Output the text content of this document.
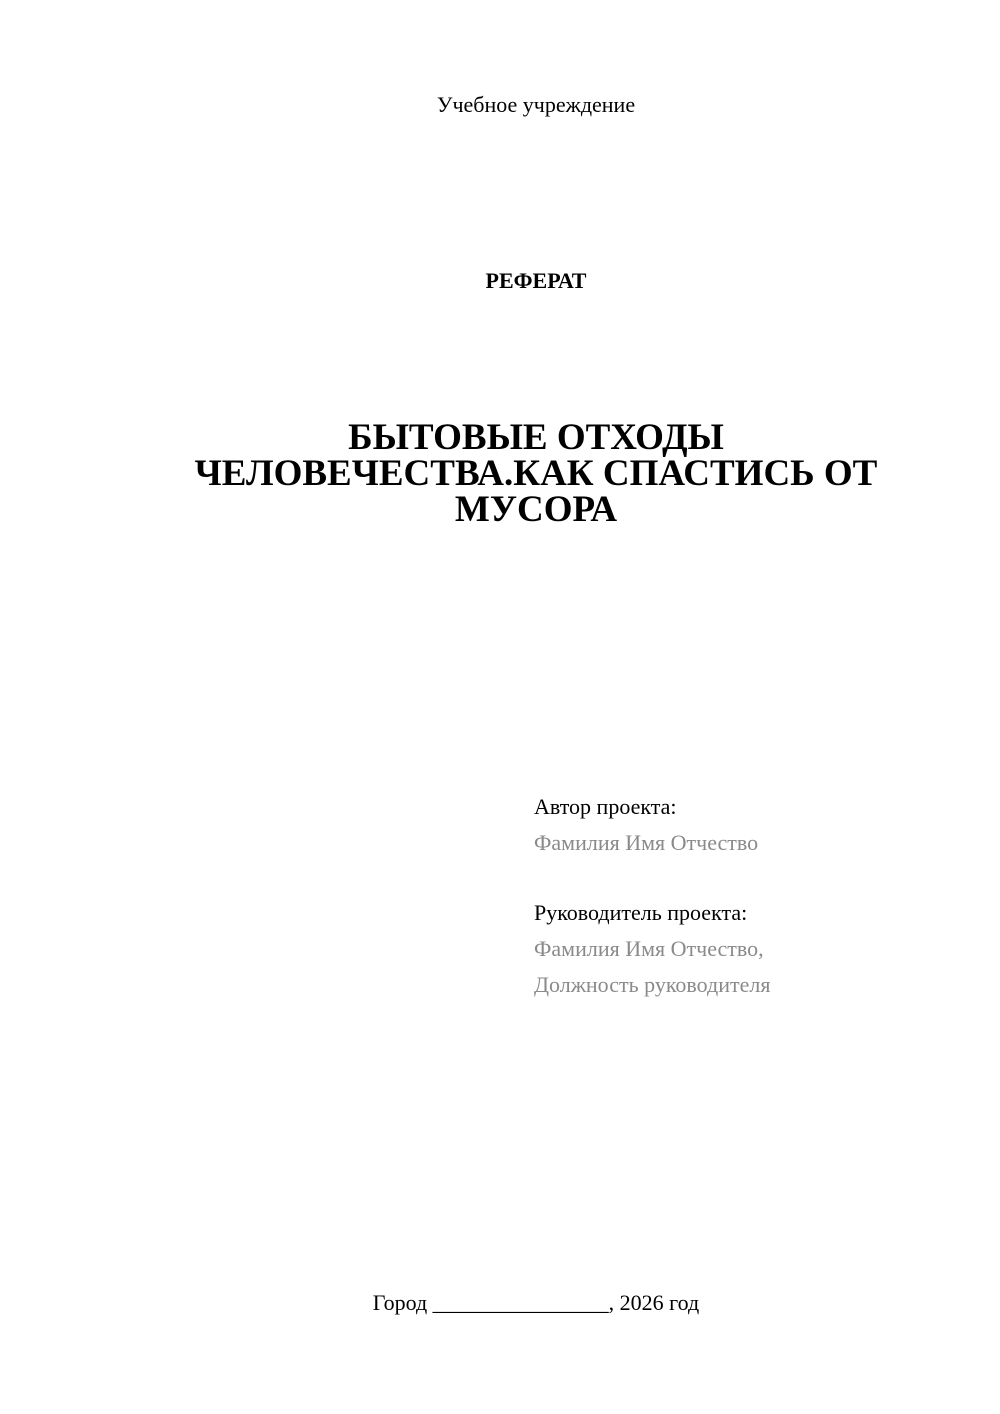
Учебное учреждение
РЕФЕРАТ
БЫТОВЫЕ ОТХОДЫ
ЧЕЛОВЕЧЕСТВА.КАК СПАСТИСЬ ОТ
МУСОРА
Автор проекта:
Фамилия Имя Отчество
Руководитель проекта:
Фамилия Имя Отчество,
Должность руководителя
Город ________________, 2026 год
